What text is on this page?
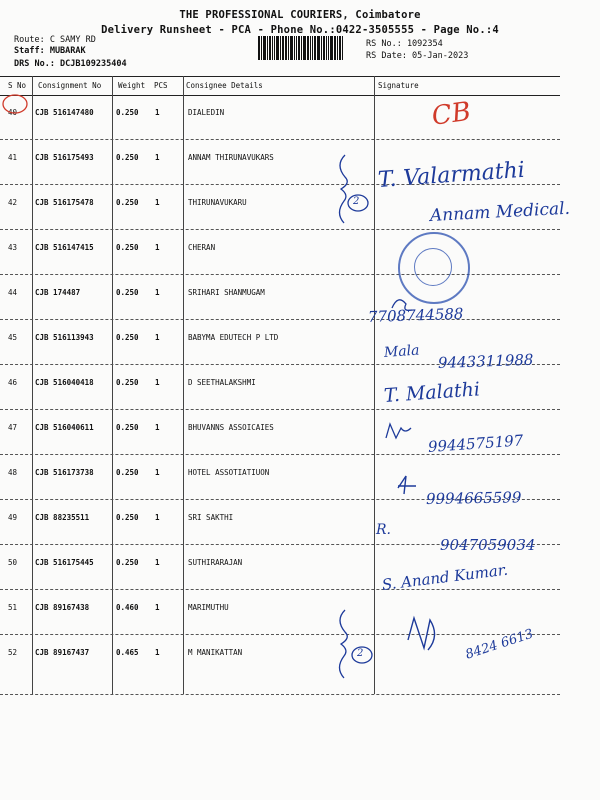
THE PROFESSIONAL COURIERS, Coimbatore
Delivery Runsheet - PCA - Phone No.:0422-3505555 - Page No.:4
Route: C SAMY RD
Staff: MUBARAK
DRS No.: DCJB109235404
RS No.: 1092354
RS Date: 05-Jan-2023
S No Consignment No Weight PCS Consignee Details	Signature
40 CJB 516147480	0.250 1	DIALEDIN
41 CJB 516175493	0.250 1	ANNAM THIRUNAVUKARS
42 CJB 516175478	0.250 1	THIRUNAVUKARU
43 CJB 516147415	0.250 1	CHERAN
44 CJB 174487	0.250 1	SRIHARI SHANMUGAM
45 CJB 516113943	0.250 1	BABYMA EDUTECH P LTD
46 CJB 516040418	0.250 1	D SEETHALAKSHMI
47 CJB 516040611	0.250 1	BHUVANNS ASSOICAIES
48 CJB 516173738	0.250 1	HOTEL ASSOTIATIUON
49 CJB 88235511	0.250 1	SRI SAKTHI
50 CJB 516175445	0.250 1	SUTHIRARAJAN
51 CJB 89167438	0.460 1	MARIMUTHU
52 CJB 89167437	0.465 1	M MANIKATTAN
CB
2
T. Valarmathi
Annam Medical.
7708744588
Mala 9443311988
T. Malathi
9944575197
9994665599
R.
9047059034
S. Anand Kumar.
2	8424 6613
